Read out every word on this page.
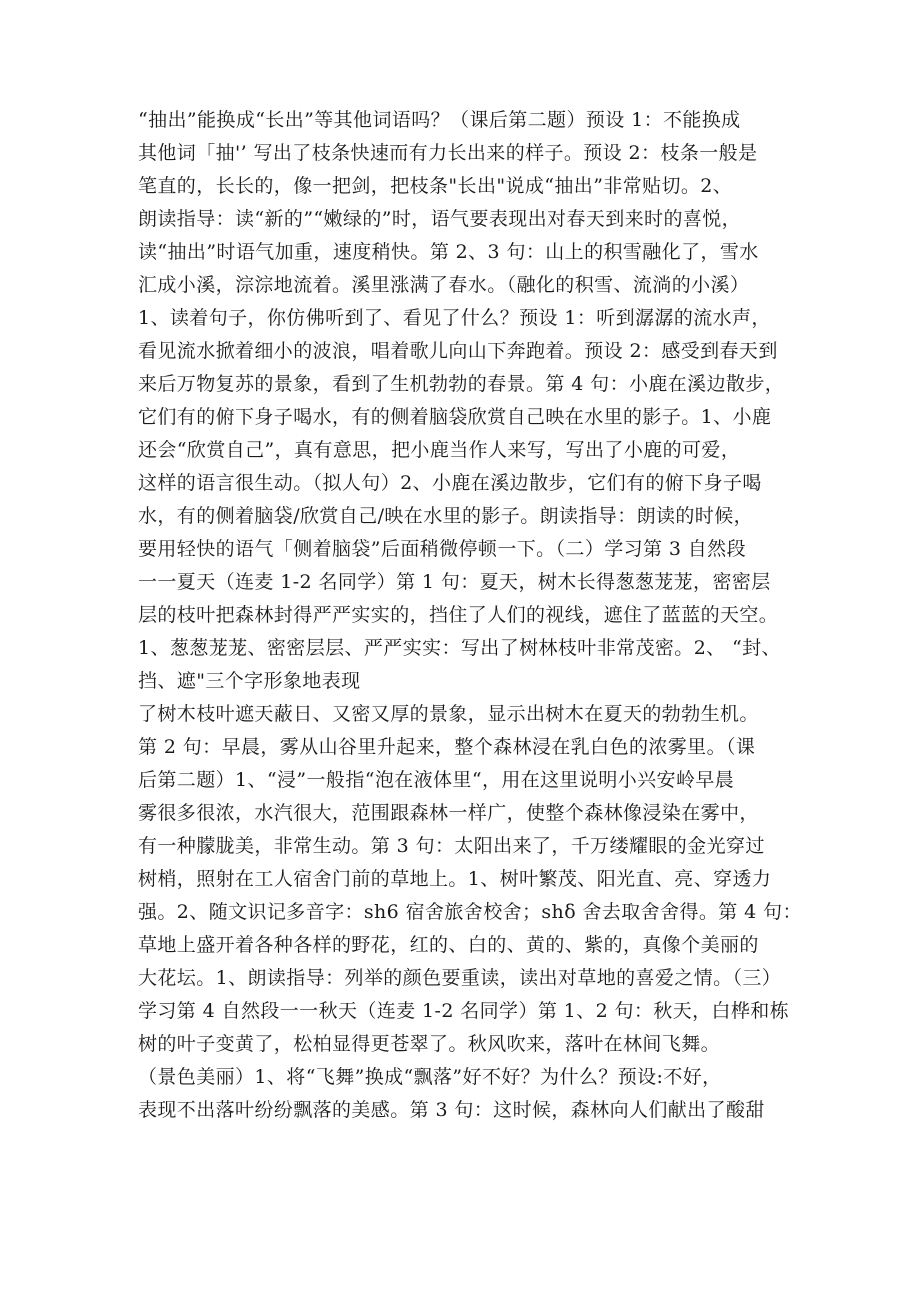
“抽出”能换成“长出”等其他词语吗？（课后第二题）预设 1：不能换成
其他词「抽'’ 写出了枝条快速而有力长出来的样子。预设 2：枝条一般是
笔直的，长长的，像一把剑，把枝条"长出"说成“抽出”非常贴切。2、
朗读指导：读“新的”“嫩绿的”时，语气要表现出对春天到来时的喜悦，
读“抽出”时语气加重，速度稍快。第 2、3 句：山上的积雪融化了，雪水
汇成小溪，淙淙地流着。溪里涨满了春水。（融化的积雪、流淌的小溪）
1、读着句子，你仿佛听到了、看见了什么？预设 1：听到潺潺的流水声，
看见流水掀着细小的波浪，唱着歌儿向山下奔跑着。预设 2：感受到春天到
来后万物复苏的景象，看到了生机勃勃的春景。第 4 句：小鹿在溪边散步，
它们有的俯下身子喝水，有的侧着脑袋欣赏自己映在水里的影子。1、小鹿
还会“欣赏自己”，真有意思，把小鹿当作人来写，写出了小鹿的可爱，
这样的语言很生动。（拟人句）2、小鹿在溪边散步，它们有的俯下身子喝
水，有的侧着脑袋/欣赏自己/映在水里的影子。朗读指导：朗读的时候，
要用轻快的语气「侧着脑袋”后面稍微停顿一下。（二）学习第 3 自然段
一一夏天（连麦 1-2 名同学）第 1 句：夏天，树木长得葱葱茏茏，密密层
层的枝叶把森林封得严严实实的，挡住了人们的视线，遮住了蓝蓝的天空。
1、葱葱茏茏、密密层层、严严实实：写出了树林枝叶非常茂密。2、 “封、
挡、遮"三个字形象地表现
了树木枝叶遮天蔽日、又密又厚的景象，显示出树木在夏天的勃勃生机。
第 2 句：早晨，雾从山谷里升起来，整个森林浸在乳白色的浓雾里。（课
后第二题）1、“浸”一般指“泡在液体里“，用在这里说明小兴安岭早晨
雾很多很浓，水汽很大，范围跟森林一样广，使整个森林像浸染在雾中，
有一种朦胧美，非常生动。第 3 句：太阳出来了，千万缕耀眼的金光穿过
树梢，照射在工人宿舍门前的草地上。1、树叶繁茂、阳光直、亮、穿透力
强。2、随文识记多音字：sh6 宿舍旅舍校舍；shδ 舍去取舍舍得。第 4 句：
草地上盛开着各种各样的野花，红的、白的、黄的、紫的，真像个美丽的
大花坛。1、朗读指导：列举的颜色要重读，读出对草地的喜爱之情。（三）
学习第 4 自然段一一秋天（连麦 1-2 名同学）第 1、2 句：秋天，白桦和栋
树的叶子变黄了，松柏显得更苍翠了。秋风吹来，落叶在林间飞舞。
（景色美丽）1、将“飞舞”换成“飘落”好不好？为什么？预设:不好，
表现不出落叶纷纷飘落的美感。第 3 句：这时候，森林向人们献出了酸甜
